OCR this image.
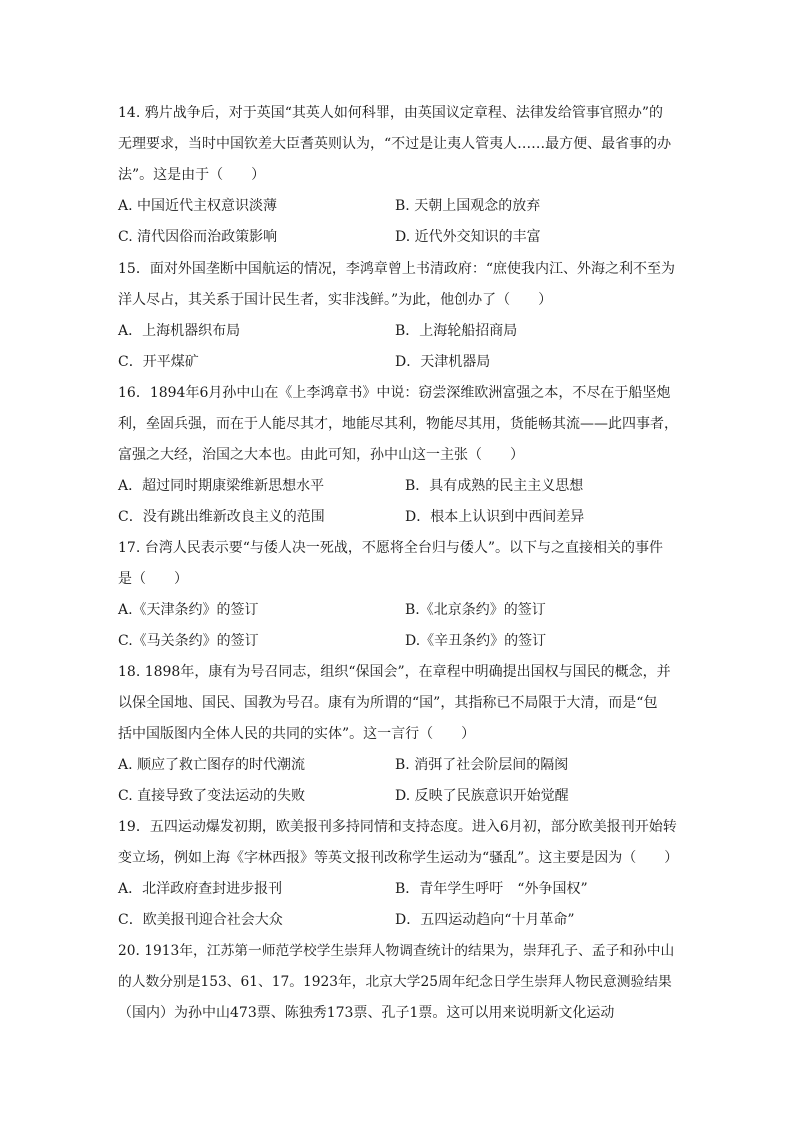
14. 鸦片战争后，对于英国“其英人如何科罪，由英国议定章程、法律发给管事官照办”的
无理要求，当时中国钦差大臣耆英则认为，“不过是让夷人管夷人……最方便、最省事的办
法”。这是由于（　　）
A. 中国近代主权意识淡薄	B. 天朝上国观念的放弃
C. 清代因俗而治政策影响	D. 近代外交知识的丰富
15．面对外国垄断中国航运的情况，李鸿章曾上书清政府：“庶使我内江、外海之利不至为
洋人尽占，其关系于国计民生者，实非浅鲜。”为此，他创办了（　　）
A．上海机器织布局	B．上海轮船招商局
C．开平煤矿	D．天津机器局
16．1894年6月孙中山在《上李鸿章书》中说：窃尝深维欧洲富强之本，不尽在于船坚炮
利，垒固兵强，而在于人能尽其才，地能尽其利，物能尽其用，货能畅其流——此四事者，
富强之大经，治国之大本也。由此可知，孙中山这一主张（　　）
A．超过同时期康梁维新思想水平	B．具有成熟的民主主义思想
C．没有跳出维新改良主义的范围	D．根本上认识到中西间差异
17. 台湾人民表示要“与倭人决一死战，不愿将全台归与倭人”。以下与之直接相关的事件
是（　　）
A.《天津条约》的签订	B.《北京条约》的签订
C.《马关条约》的签订	D.《辛丑条约》的签订
18. 1898年，康有为号召同志，组织“保国会”，在章程中明确提出国权与国民的概念，并
以保全国地、国民、国教为号召。康有为所谓的“国”，其指称已不局限于大清，而是“包
括中国版图内全体人民的共同的实体”。这一言行（　　）
A. 顺应了救亡图存的时代潮流	B. 消弭了社会阶层间的隔阂
C. 直接导致了变法运动的失败	D. 反映了民族意识开始觉醒
19．五四运动爆发初期，欧美报刊多持同情和支持态度。进入6月初，部分欧美报刊开始转
变立场，例如上海《字林西报》等英文报刊改称学生运动为“骚乱”。这主要是因为（　　）
A．北洋政府查封进步报刊	B．青年学生呼吁　“外争国权”
C．欧美报刊迎合社会大众	D．五四运动趋向“十月革命”
20. 1913年，江苏第一师范学校学生崇拜人物调查统计的结果为，崇拜孔子、孟子和孙中山
的人数分别是153、61、17。1923年，北京大学25周年纪念日学生崇拜人物民意测验结果
（国内）为孙中山473票、陈独秀173票、孔子1票。这可以用来说明新文化运动
